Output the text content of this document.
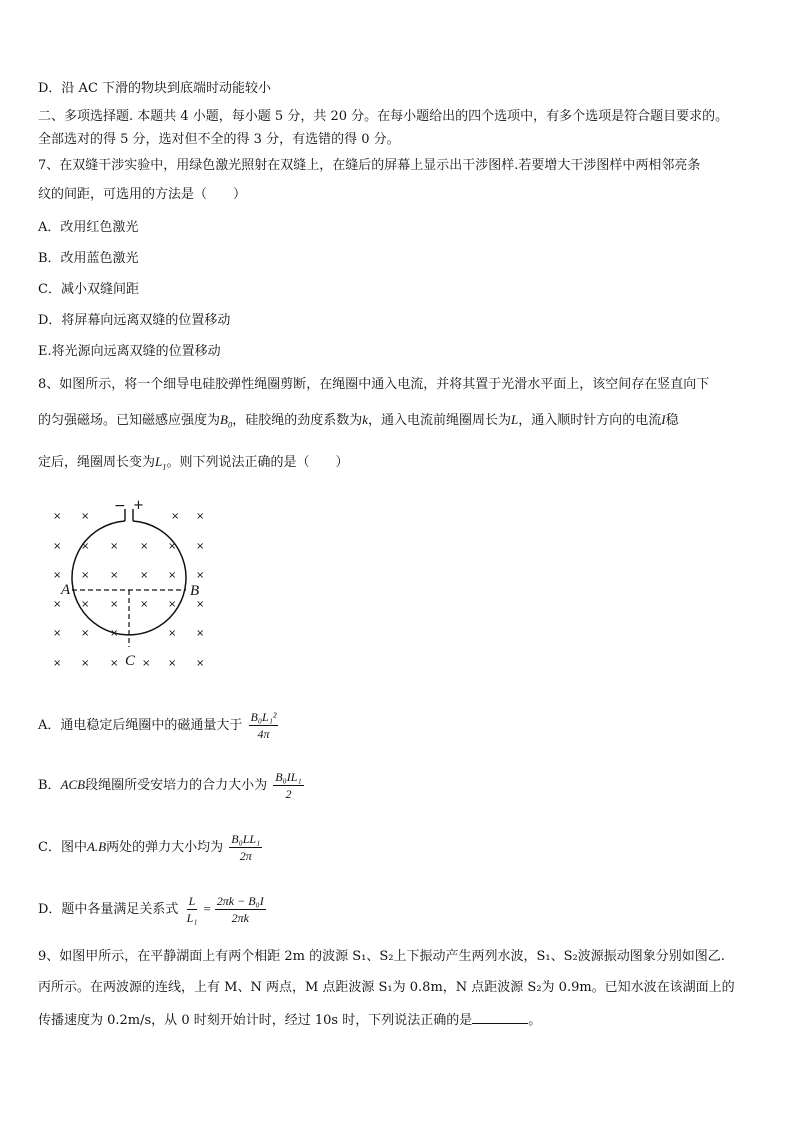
D．沿 AC 下滑的物块到底端时动能较小
二、多项选择题. 本题共 4 小题，每小题 5 分，共 20 分。在每小题给出的四个选项中，有多个选项是符合题目要求的。
全部选对的得 5 分，选对但不全的得 3 分，有选错的得 0 分。
7、在双缝干涉实验中，用绿色激光照射在双缝上，在缝后的屏幕上显示出干涉图样.若要增大干涉图样中两相邻亮条
纹的间距，可选用的方法是（　　）
A．改用红色激光
B．改用蓝色激光
C．减小双缝间距
D．将屏幕向远离双缝的位置移动
E.将光源向远离双缝的位置移动
8、如图所示，将一个细导电硅胶弹性绳圈剪断，在绳圈中通入电流，并将其置于光滑水平面上，该空间存在竖直向下
的匀强磁场。已知磁感应强度为$B_0$，硅胶绳的劲度系数为k，通入电流前绳圈周长为L，通入顺时针方向的电流I稳
定后，绳圈周长变为$L_1$。则下列说法正确的是（　　）
× ×	× ×
×	×
× × × ×
× × × × × ×
× × × × × ×
× × ×	× ×
× × × × × ×
− +
A	B
C
A．通电稳定后绳圈中的磁通量大于 $\frac{\text{B₀L₁²}}{4\pi}$
B．ACB段绳圈所受安培力的合力大小为 $\frac{\text{B₀IL₁}}{2}$
C．图中A.B两处的弹力大小均为 $\frac{\text{B₀LL₁}}{2\pi}$
D．题中各量满足关系式 $\frac{L}{\text{L₁}} = \frac{\text{2πk − B₀I}}{2\pi k}$
9、如图甲所示，在平静湖面上有两个相距 2m 的波源 S₁、S₂上下振动产生两列水波，S₁、S₂波源振动图象分别如图乙.
丙所示。在两波源的连线，上有 M、N 两点，M 点距波源 S₁为 0.8m，N 点距波源 S₂为 0.9m。已知水波在该湖面上的
传播速度为 0.2m/s，从 0 时刻开始计时，经过 10s 时，下列说法正确的是	。
